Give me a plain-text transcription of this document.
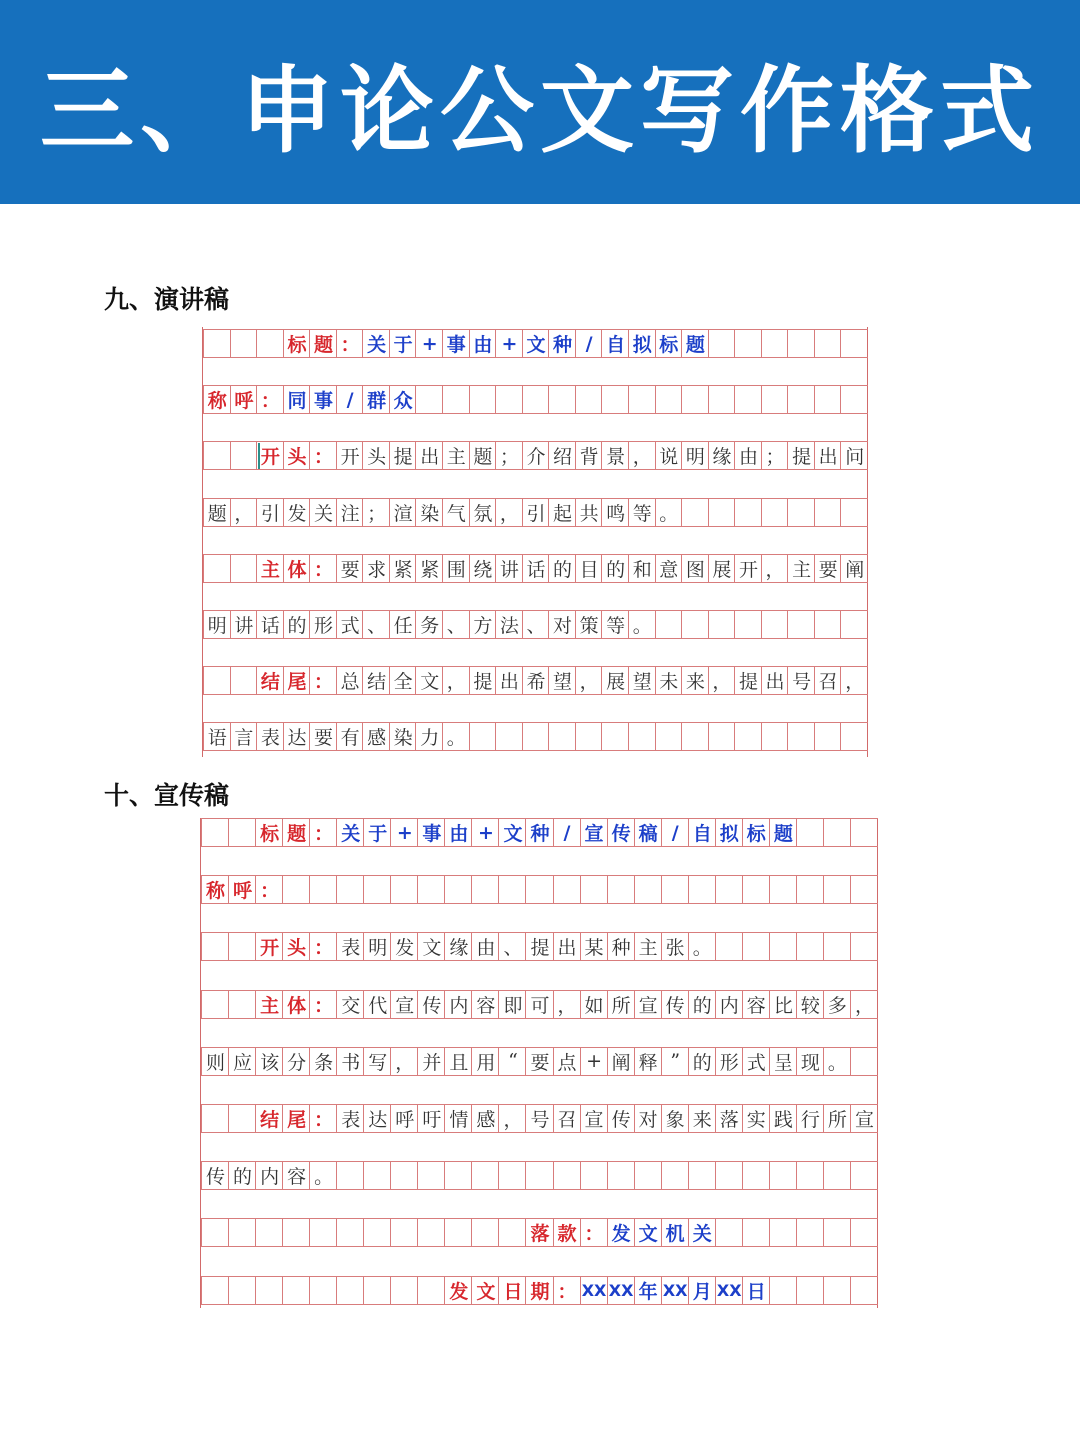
三、申论公文写作格式
九、演讲稿
标 题 ： 关 于 + 事 由 + 文 种 / 自 拟 标 题
称 呼 ： 同 事 / 群 众
开 头 ： 开 头 提 出 主 题 ； 介 绍 背 景 ， 说 明 缘 由 ； 提 出 问
题 ， 引 发 关 注 ； 渲 染 气 氛 ， 引 起 共 鸣 等 。
主 体 ： 要 求 紧 紧 围 绕 讲 话 的 目 的 和 意 图 展 开 ， 主 要 阐
明 讲 话 的 形 式 、 任 务 、 方 法 、 对 策 等 。
结 尾 ： 总 结 全 文 ， 提 出 希 望 ， 展 望 未 来 ， 提 出 号 召 ，
语 言 表 达 要 有 感 染 力 。
十、宣传稿
标 题 ： 关 于 + 事 由 + 文 种 / 宣 传 稿 / 自 拟 标 题
称 呼 ：
开 头 ： 表 明 发 文 缘 由 、 提 出 某 种 主 张 。
主 体 ： 交 代 宣 传 内 容 即 可 ， 如 所 宣 传 的 内 容 比 较 多 ，
则 应 该 分 条 书 写 ， 并 且 用 “ 要 点 + 阐 释 ” 的 形 式 呈 现 。
结 尾 ： 表 达 呼 吁 情 感 ， 号 召 宣 传 对 象 来 落 实 践 行 所 宣
传 的 内 容 。
落 款 ： 发 文 机 关
发 文 日 期 ： XX XX 年 XX 月 XX 日
